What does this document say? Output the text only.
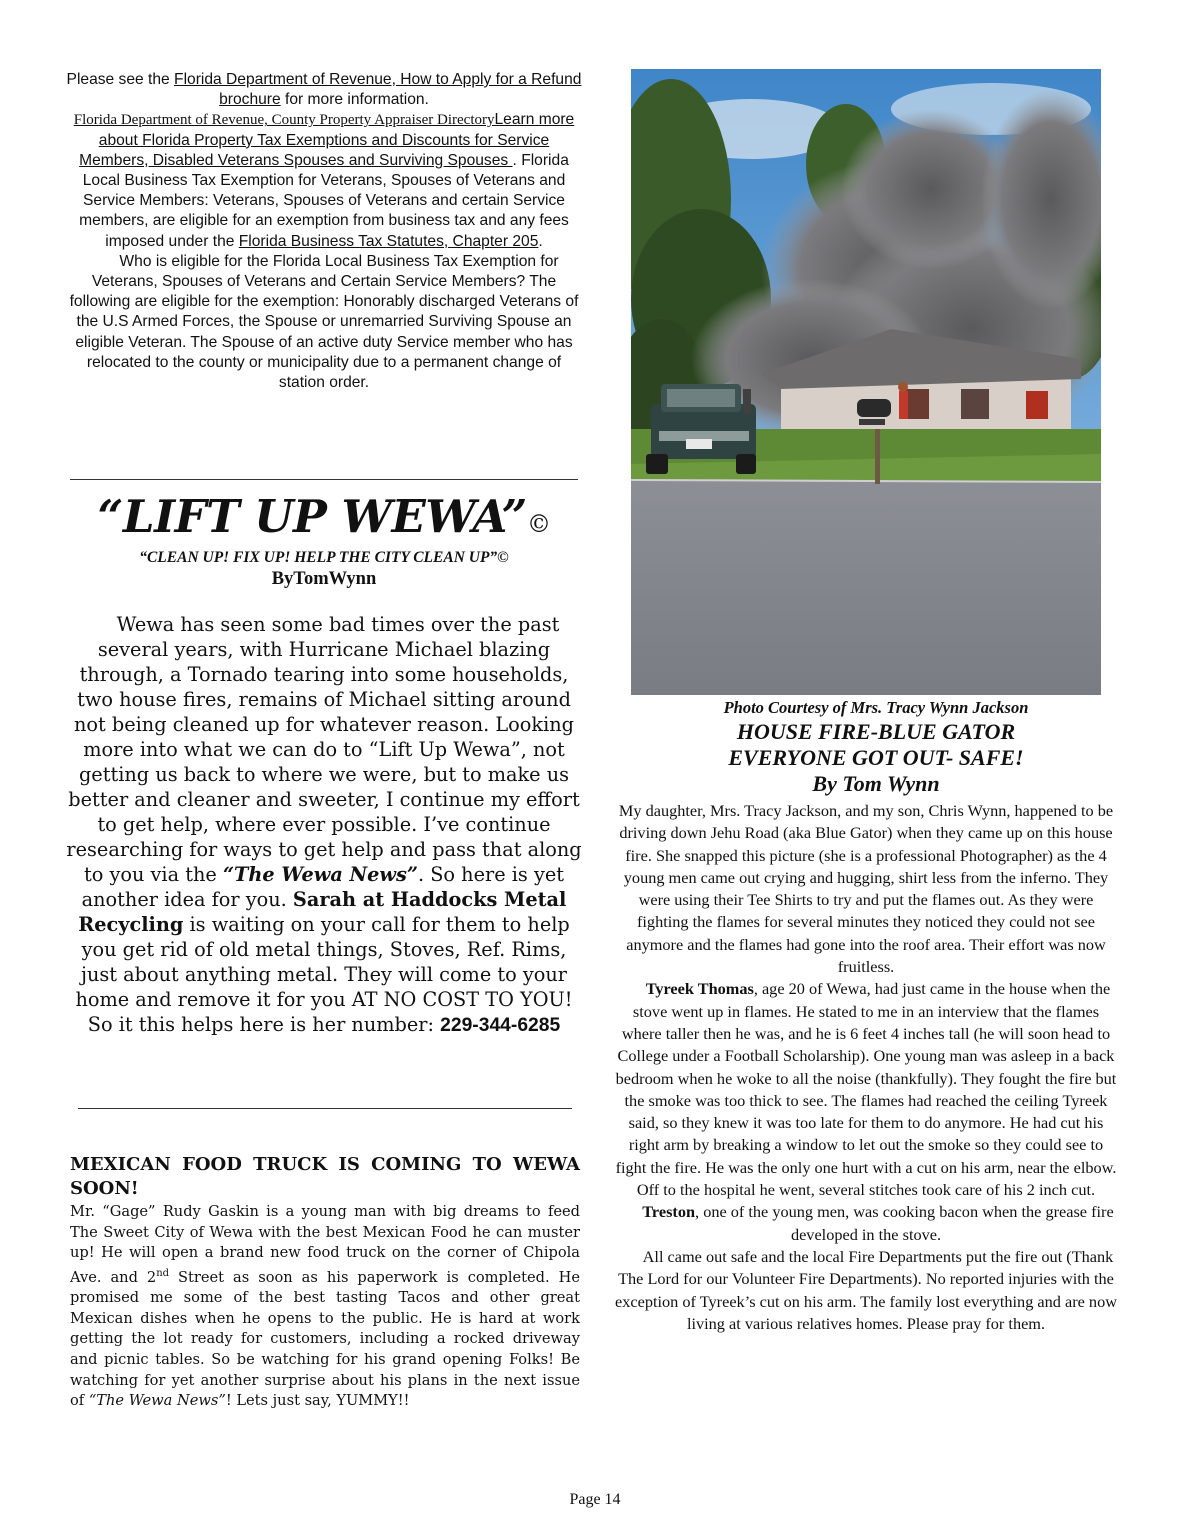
Please see the Florida Department of Revenue, How to Apply for a Refund brochure for more information.
Florida Department of Revenue, County Property Appraiser DirectoryLearn more about Florida Property Tax Exemptions and Discounts for Service Members, Disabled Veterans Spouses and Surviving Spouses . Florida Local Business Tax Exemption for Veterans, Spouses of Veterans and Service Members: Veterans, Spouses of Veterans and certain Service members, are eligible for an exemption from business tax and any fees imposed under the Florida Business Tax Statutes, Chapter 205.
Who is eligible for the Florida Local Business Tax Exemption for Veterans, Spouses of Veterans and Certain Service Members? The following are eligible for the exemption: Honorably discharged Veterans of the U.S Armed Forces, the Spouse or unremarried Surviving Spouse an eligible Veteran. The Spouse of an active duty Service member who has relocated to the county or municipality due to a permanent change of station order.
“LIFT UP WEWA”©
“CLEAN UP! FIX UP! HELP THE CITY CLEAN UP”©
ByTomWynn
Wewa has seen some bad times over the past several years, with Hurricane Michael blazing through, a Tornado tearing into some households, two house fires, remains of Michael sitting around not being cleaned up for whatever reason. Looking more into what we can do to “Lift Up Wewa”, not getting us back to where we were, but to make us better and cleaner and sweeter, I continue my effort to get help, where ever possible. I’ve continue researching for ways to get help and pass that along to you via the “The Wewa News”. So here is yet another idea for you. Sarah at Haddocks Metal Recycling is waiting on your call for them to help you get rid of old metal things, Stoves, Ref. Rims, just about anything metal. They will come to your home and remove it for you AT NO COST TO YOU! So it this helps here is her number: 229-344-6285
MEXICAN FOOD TRUCK IS COMING TO WEWA SOON!
Mr. “Gage” Rudy Gaskin is a young man with big dreams to feed The Sweet City of Wewa with the best Mexican Food he can muster up! He will open a brand new food truck on the corner of Chipola Ave. and 2nd Street as soon as his paperwork is completed. He promised me some of the best tasting Tacos and other great Mexican dishes when he opens to the public. He is hard at work getting the lot ready for customers, including a rocked driveway and picnic tables. So be watching for his grand opening Folks! Be watching for yet another surprise about his plans in the next issue of “The Wewa News”! Lets just say, YUMMY!!
Photo Courtesy of Mrs. Tracy Wynn Jackson
HOUSE FIRE-BLUE GATOR
EVERYONE GOT OUT- SAFE!
By Tom Wynn
My daughter, Mrs. Tracy Jackson, and my son, Chris Wynn, happened to be driving down Jehu Road (aka Blue Gator) when they came up on this house fire. She snapped this picture (she is a professional Photographer) as the 4 young men came out crying and hugging, shirt less from the inferno. They were using their Tee Shirts to try and put the flames out. As they were fighting the flames for several minutes they noticed they could not see anymore and the flames had gone into the roof area. Their effort was now fruitless.
Tyreek Thomas, age 20 of Wewa, had just came in the house when the stove went up in flames. He stated to me in an interview that the flames where taller then he was, and he is 6 feet 4 inches tall (he will soon head to College under a Football Scholarship). One young man was asleep in a back bedroom when he woke to all the noise (thankfully). They fought the fire but the smoke was too thick to see. The flames had reached the ceiling Tyreek said, so they knew it was too late for them to do anymore. He had cut his right arm by breaking a window to let out the smoke so they could see to fight the fire. He was the only one hurt with a cut on his arm, near the elbow. Off to the hospital he went, several stitches took care of his 2 inch cut.
Treston, one of the young men, was cooking bacon when the grease fire developed in the stove.
All came out safe and the local Fire Departments put the fire out (Thank The Lord for our Volunteer Fire Departments). No reported injuries with the exception of Tyreek’s cut on his arm. The family lost everything and are now living at various relatives homes. Please pray for them.
Page 14
